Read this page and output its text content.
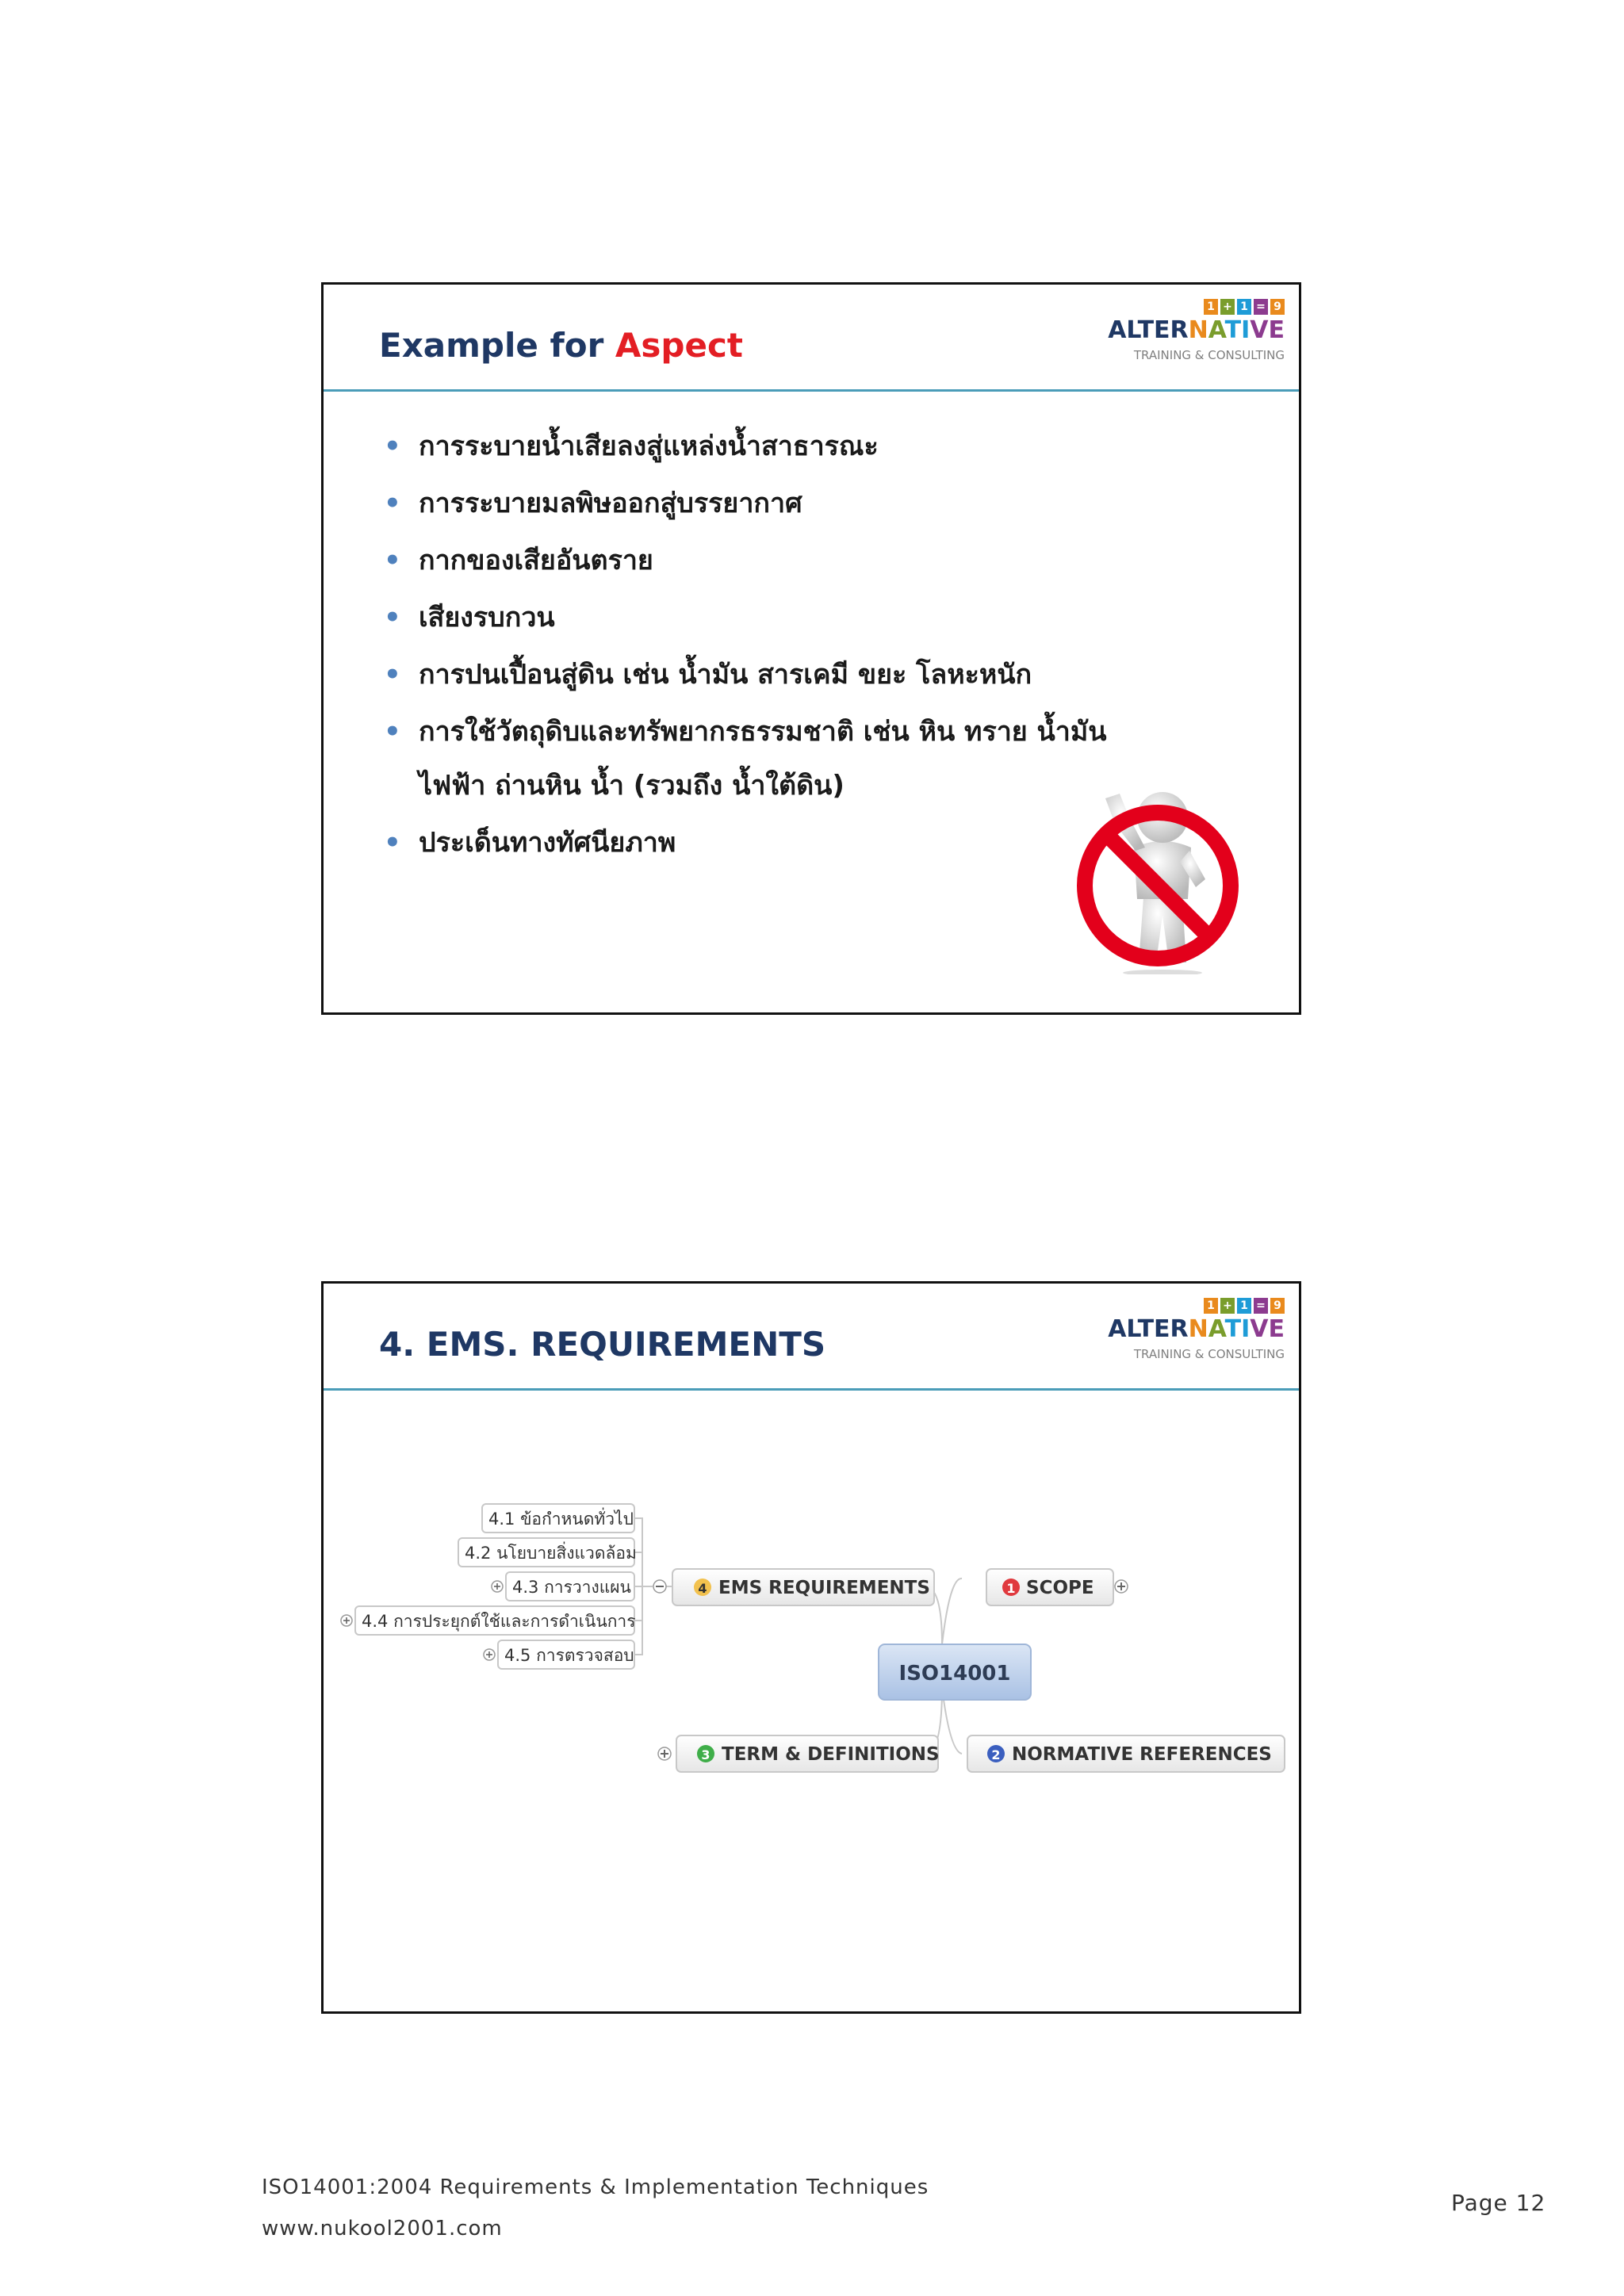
Example for Aspect
1 + 1 = 9
ALTERNATIVE
TRAINING & CONSULTING
• การระบายน้ำเสียลงสู่แหล่งน้ำสาธารณะ
• การระบายมลพิษออกสู่บรรยากาศ
• กากของเสียอันตราย
• เสียงรบกวน
• การปนเปื้อนสู่ดิน เช่น น้ำมัน สารเคมี ขยะ โลหะหนัก
• การใช้วัตถุดิบและทรัพยากรธรรมชาติ เช่น หิน ทราย น้ำมัน
ไฟฟ้า ถ่านหิน น้ำ (รวมถึง น้ำใต้ดิน)
• ประเด็นทางทัศนียภาพ
4. EMS. REQUIREMENTS
1 + 1 = 9
ALTERNATIVE
TRAINING & CONSULTING
ISO14001
4 EMS REQUIREMENTS	1 SCOPE
3 TERM & DEFINITIONS	2 NORMATIVE REFERENCES
4.1 ข้อกำหนดทั่วไป
4.2 นโยบายสิ่งแวดล้อม
4.3 การวางแผน
4.4 การประยุกต์ใช้และการดำเนินการ
4.5 การตรวจสอบ
ISO14001:2004 Requirements & Implementation Techniques
www.nukool2001.com
Page 12
